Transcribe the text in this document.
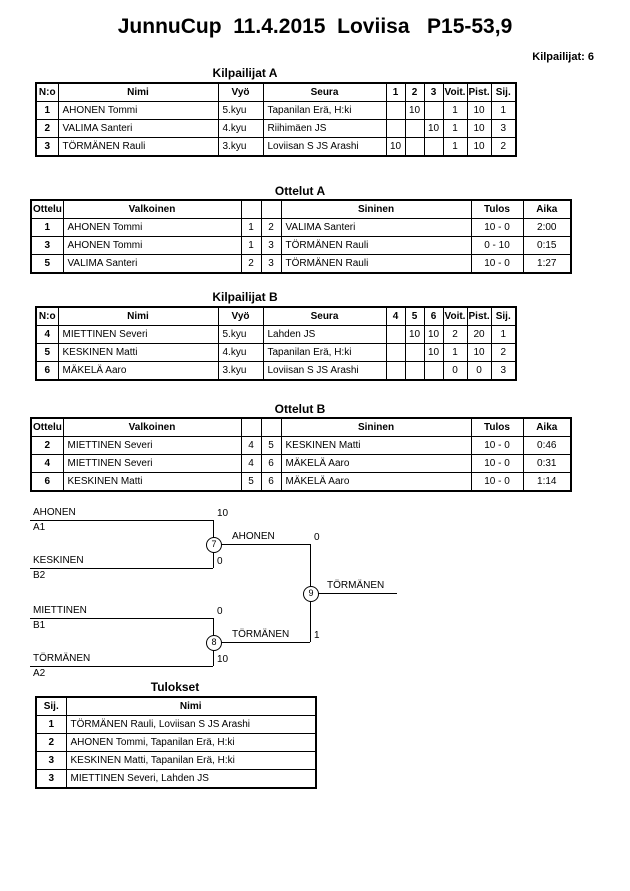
JunnuCup  11.4.2015  Loviisa   P15-53,9
Kilpailijat: 6
Kilpailijat A
N:o	Nimi	Vyö	Seura	1	2	3	Voit.	Pist.	Sij.
1	AHONEN Tommi	5.kyu	Tapanilan Erä, H:ki		10		1	10	1
2	VALIMA Santeri	4.kyu	Riihimäen JS			10	1	10	3
3	TÖRMÄNEN Rauli	3.kyu	Loviisan S JS Arashi	10			1	10	2
Ottelut A
Ottelu	Valkoinen			Sininen	Tulos	Aika
1	AHONEN Tommi	1	2	VALIMA Santeri	10 - 0	2:00
3	AHONEN Tommi	1	3	TÖRMÄNEN Rauli	0 - 10	0:15
5	VALIMA Santeri	2	3	TÖRMÄNEN Rauli	10 - 0	1:27
Kilpailijat B
N:o	Nimi	Vyö	Seura	4	5	6	Voit.	Pist.	Sij.
4	MIETTINEN Severi	5.kyu	Lahden JS		10	10	2	20	1
5	KESKINEN Matti	4.kyu	Tapanilan Erä, H:ki			10	1	10	2
6	MÄKELÄ Aaro	3.kyu	Loviisan S JS Arashi				0	0	3
Ottelut B
Ottelu	Valkoinen			Sininen	Tulos	Aika
2	MIETTINEN Severi	4	5	KESKINEN Matti	10 - 0	0:46
4	MIETTINEN Severi	4	6	MÄKELÄ Aaro	10 - 0	0:31
6	KESKINEN Matti	5	6	MÄKELÄ Aaro	10 - 0	1:14
AHONEN
A1
10
KESKINEN
B2
0
AHONEN	0
7
MIETTINEN
B1
0
TÖRMÄNEN
A2
10
TÖRMÄNEN 1
8
TÖRMÄNEN
9
Tulokset
Sij.	Nimi
1	TÖRMÄNEN Rauli, Loviisan S JS Arashi
2	AHONEN Tommi, Tapanilan Erä, H:ki
3	KESKINEN Matti, Tapanilan Erä, H:ki
3	MIETTINEN Severi, Lahden JS
